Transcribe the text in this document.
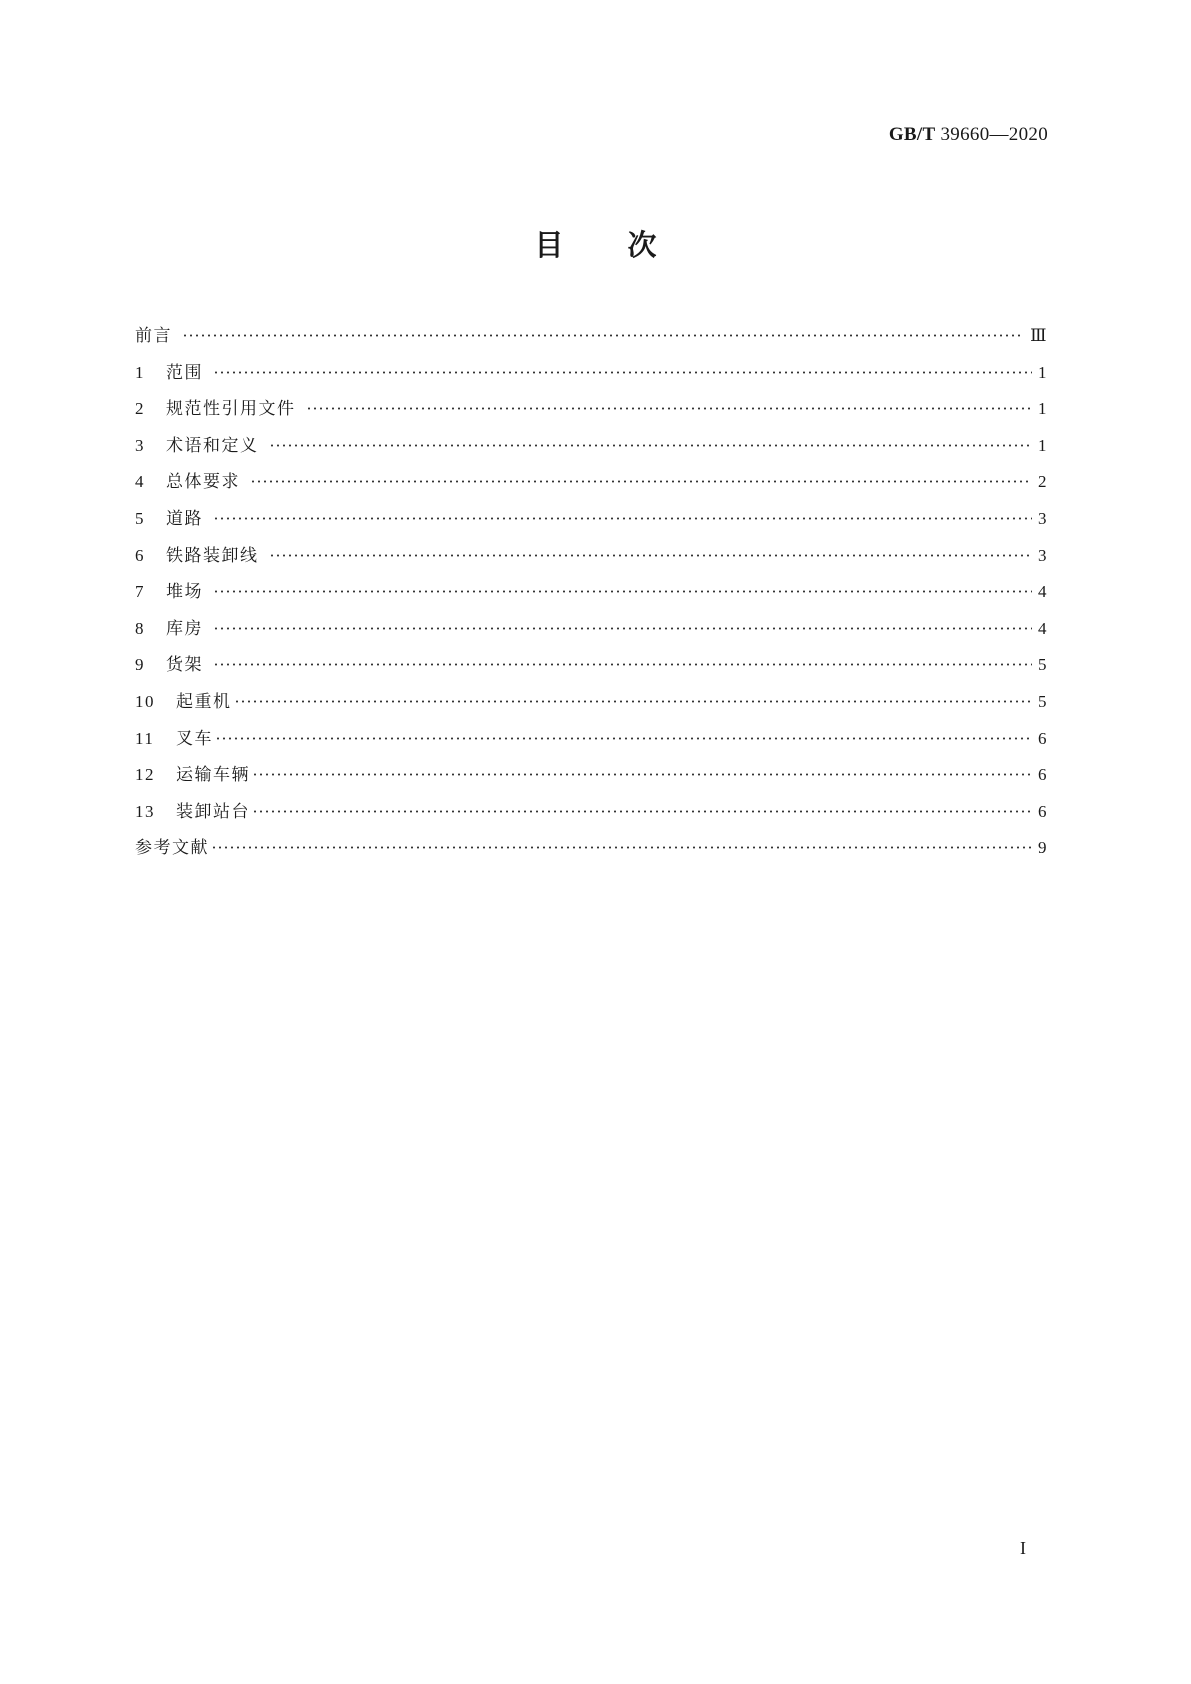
GB/T 39660—2020
目次
前言	Ⅲ
1	范围	1
2	规范性引用文件	1
3	术语和定义	1
4	总体要求	2
5	道路	3
6	铁路装卸线	3
7	堆场	4
8	库房	4
9	货架	5
10	起重机	5
11	叉车	6
12	运输车辆	6
13	装卸站台	6
参考文献	9
I
